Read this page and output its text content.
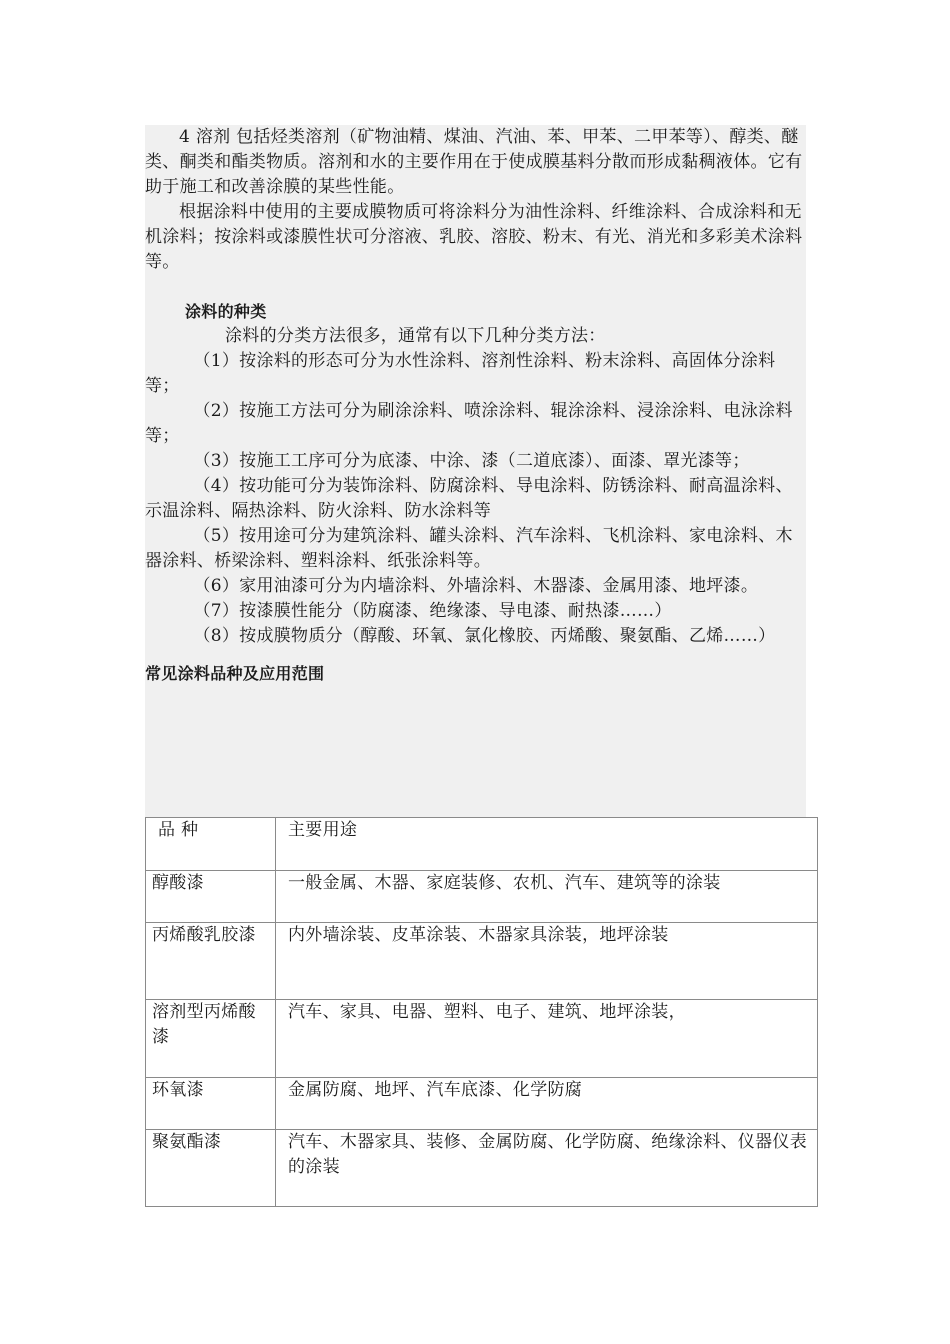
4 溶剂 包括烃类溶剂（矿物油精、煤油、汽油、苯、甲苯、二甲苯等）、醇类、醚类、酮类和酯类物质。溶剂和水的主要作用在于使成膜基料分散而形成黏稠液体。它有助于施工和改善涂膜的某些性能。

根据涂料中使用的主要成膜物质可将涂料分为油性涂料、纤维涂料、合成涂料和无机涂料；按涂料或漆膜性状可分溶液、乳胶、溶胶、粉末、有光、消光和多彩美术涂料等。

涂料的种类

涂料的分类方法很多，通常有以下几种分类方法：

（1）按涂料的形态可分为水性涂料、溶剂性涂料、粉末涂料、高固体分涂料等；

（2）按施工方法可分为刷涂涂料、喷涂涂料、辊涂涂料、浸涂涂料、电泳涂料等；

（3）按施工工序可分为底漆、中涂、漆（二道底漆）、面漆、罩光漆等；

（4）按功能可分为装饰涂料、防腐涂料、导电涂料、防锈涂料、耐高温涂料、示温涂料、隔热涂料、防火涂料、防水涂料等

（5）按用途可分为建筑涂料、罐头涂料、汽车涂料、飞机涂料、家电涂料、木器涂料、桥梁涂料、塑料涂料、纸张涂料等。

（6）家用油漆可分为内墙涂料、外墙涂料、木器漆、金属用漆、地坪漆。

（7）按漆膜性能分（防腐漆、绝缘漆、导电漆、耐热漆……）

（8）按成膜物质分（醇酸、环氧、氯化橡胶、丙烯酸、聚氨酯、乙烯……）

常见涂料品种及应用范围

品 种	主要用途
醇酸漆	一般金属、木器、家庭装修、农机、汽车、建筑等的涂装
丙烯酸乳胶漆	内外墙涂装、皮革涂装、木器家具涂装，地坪涂装
溶剂型丙烯酸漆	汽车、家具、电器、塑料、电子、建筑、地坪涂装，
环氧漆	金属防腐、地坪、汽车底漆、化学防腐
聚氨酯漆	汽车、木器家具、装修、金属防腐、化学防腐、绝缘涂料、仪器仪表的涂装
